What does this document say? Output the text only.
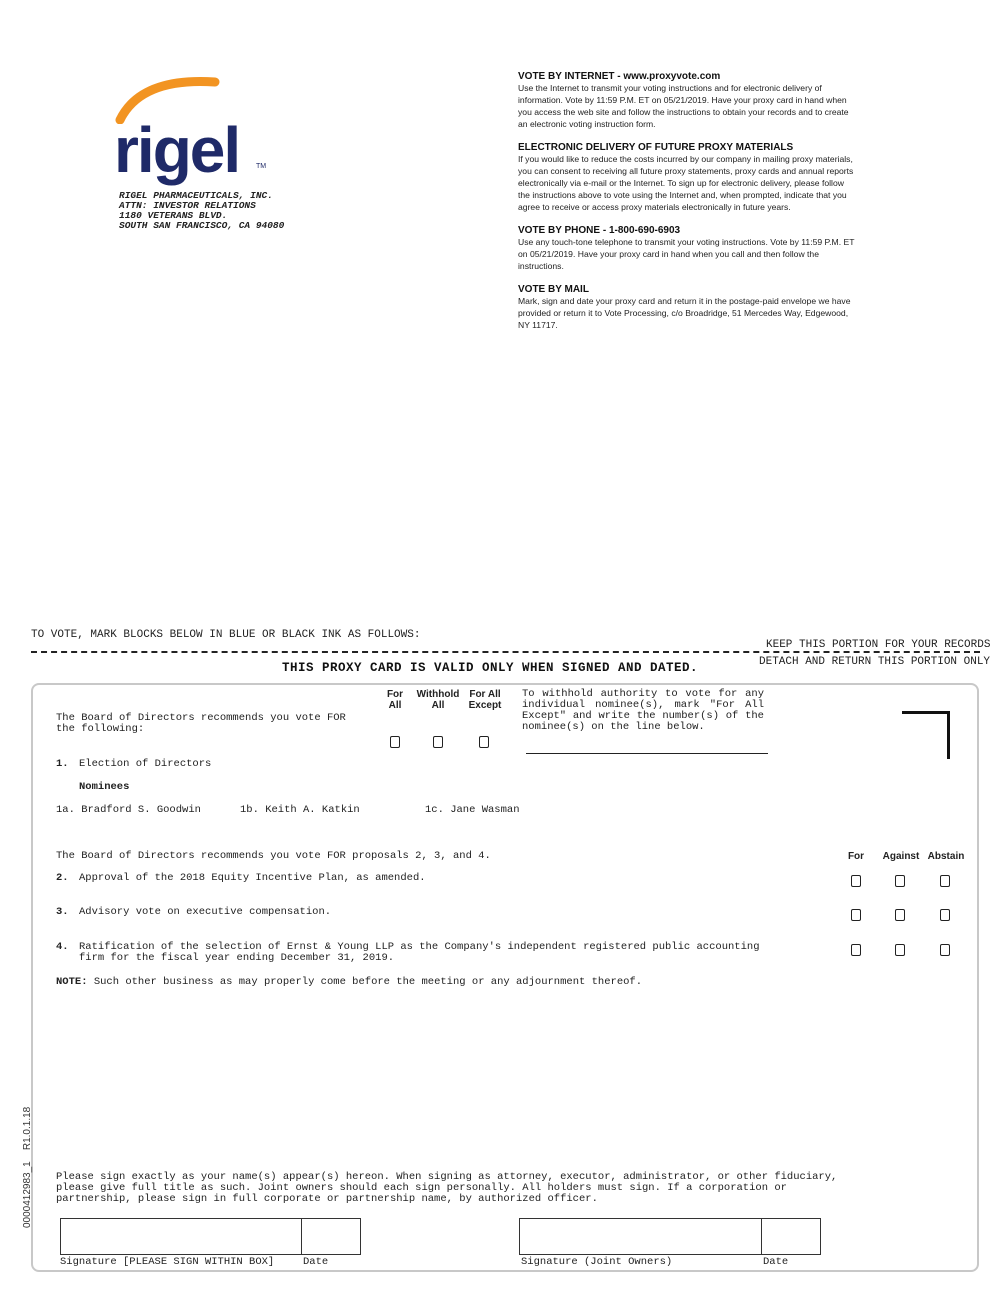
rigel TM
RIGEL PHARMACEUTICALS, INC.
ATTN: INVESTOR RELATIONS
1180 VETERANS BLVD.
SOUTH SAN FRANCISCO, CA 94080
VOTE BY INTERNET - www.proxyvote.com
Use the Internet to transmit your voting instructions and for electronic delivery of
information. Vote by 11:59 P.M. ET on 05/21/2019. Have your proxy card in hand when
you access the web site and follow the instructions to obtain your records and to create
an electronic voting instruction form.
ELECTRONIC DELIVERY OF FUTURE PROXY MATERIALS
If you would like to reduce the costs incurred by our company in mailing proxy materials,
you can consent to receiving all future proxy statements, proxy cards and annual reports
electronically via e-mail or the Internet. To sign up for electronic delivery, please follow
the instructions above to vote using the Internet and, when prompted, indicate that you
agree to receive or access proxy materials electronically in future years.
VOTE BY PHONE - 1-800-690-6903
Use any touch-tone telephone to transmit your voting instructions. Vote by 11:59 P.M. ET
on 05/21/2019. Have your proxy card in hand when you call and then follow the
instructions.
VOTE BY MAIL
Mark, sign and date your proxy card and return it in the postage-paid envelope we have
provided or return it to Vote Processing, c/o Broadridge, 51 Mercedes Way, Edgewood,
NY 11717.
TO VOTE, MARK BLOCKS BELOW IN BLUE OR BLACK INK AS FOLLOWS:
KEEP THIS PORTION FOR YOUR RECORDS
DETACH AND RETURN THIS PORTION ONLY
THIS PROXY CARD IS VALID ONLY WHEN SIGNED AND DATED.
The Board of Directors recommends you vote FOR
the following:
For
All
Withhold
All
For All
Except
To withhold authority to vote for any
individual nominee(s), mark "For All
Except" and write the number(s) of the
nominee(s) on the line below.
1. Election of Directors
Nominees
1a. Bradford S. Goodwin	1b. Keith A. Katkin	1c. Jane Wasman
The Board of Directors recommends you vote FOR proposals 2, 3, and 4.	For	Against Abstain
2. Approval of the 2018 Equity Incentive Plan, as amended.
3. Advisory vote on executive compensation.
4. Ratification of the selection of Ernst & Young LLP as the Company's independent registered public accounting
firm for the fiscal year ending December 31, 2019.
NOTE: Such other business as may properly come before the meeting or any adjournment thereof.
Please sign exactly as your name(s) appear(s) hereon. When signing as attorney, executor, administrator, or other fiduciary,
please give full title as such. Joint owners should each sign personally. All holders must sign. If a corporation or
partnership, please sign in full corporate or partnership name, by authorized officer.
Signature [PLEASE SIGN WITHIN BOX]	Date	Signature (Joint Owners)	Date
0000412983_1    R1.0.1.18
